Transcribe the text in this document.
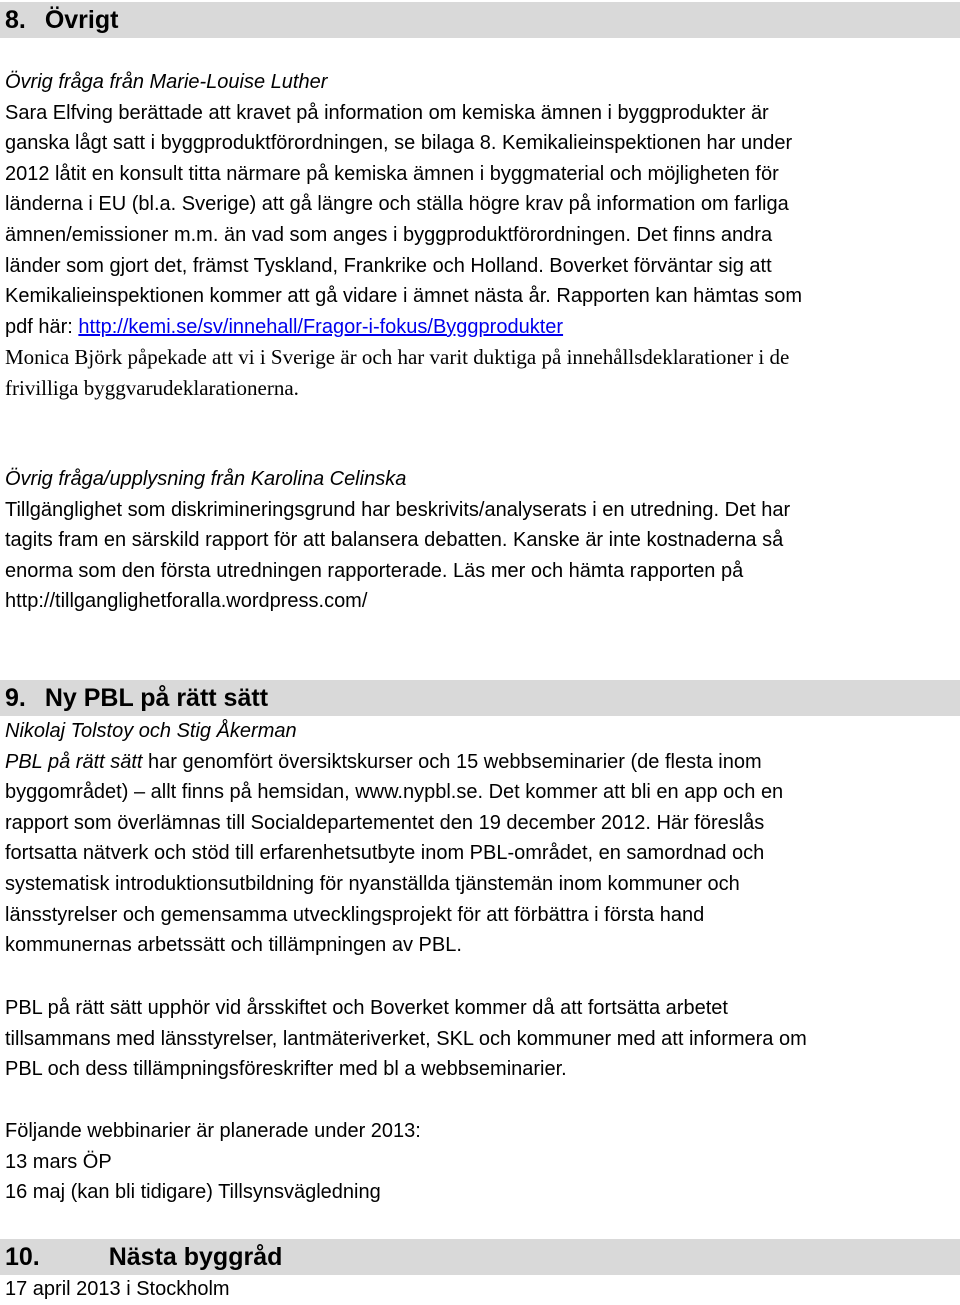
8. Övrigt

Övrig fråga från Marie-Louise Luther

Sara Elfving berättade att kravet på information om kemiska ämnen i byggprodukter är

ganska lågt satt i byggproduktförordningen, se bilaga 8. Kemikalieinspektionen har under

2012 låtit en konsult titta närmare på kemiska ämnen i byggmaterial och möjligheten för

länderna i EU (bl.a. Sverige) att gå längre och ställa högre krav på information om farliga

ämnen/emissioner m.m. än vad som anges i byggproduktförordningen. Det finns andra

länder som gjort det, främst Tyskland, Frankrike och Holland. Boverket förväntar sig att

Kemikalieinspektionen kommer att gå vidare i ämnet nästa år. Rapporten kan hämtas som

pdf här: http://kemi.se/sv/innehall/Fragor-i-fokus/Byggprodukter

Monica Björk påpekade att vi i Sverige är och har varit duktiga på innehållsdeklarationer i de

frivilliga byggvarudeklarationerna.

Övrig fråga/upplysning från Karolina Celinska

Tillgänglighet som diskrimineringsgrund har beskrivits/analyserats i en utredning. Det har

tagits fram en särskild rapport för att balansera debatten. Kanske är inte kostnaderna så

enorma som den första utredningen rapporterade. Läs mer och hämta rapporten på

http://tillganglighetforalla.wordpress.com/

9. Ny PBL på rätt sätt

Nikolaj Tolstoy och Stig Åkerman

PBL på rätt sätt har genomfört översiktskurser och 15 webbseminarier (de flesta inom

byggområdet) – allt finns på hemsidan, www.nypbl.se. Det kommer att bli en app och en

rapport som överlämnas till Socialdepartementet den 19 december 2012. Här föreslås

fortsatta nätverk och stöd till erfarenhetsutbyte inom PBL-området, en samordnad och

systematisk introduktionsutbildning för nyanställda tjänstemän inom kommuner och

länsstyrelser och gemensamma utvecklingsprojekt för att förbättra i första hand

kommunernas arbetssätt och tillämpningen av PBL.

PBL på rätt sätt upphör vid årsskiftet och Boverket kommer då att fortsätta arbetet

tillsammans med länsstyrelser, lantmäteriverket, SKL och kommuner med att informera om

PBL och dess tillämpningsföreskrifter med bl a webbseminarier.

Följande webbinarier är planerade under 2013:

13 mars ÖP

16 maj (kan bli tidigare) Tillsynsvägledning

10.	Nästa byggråd

17 april 2013 i Stockholm
